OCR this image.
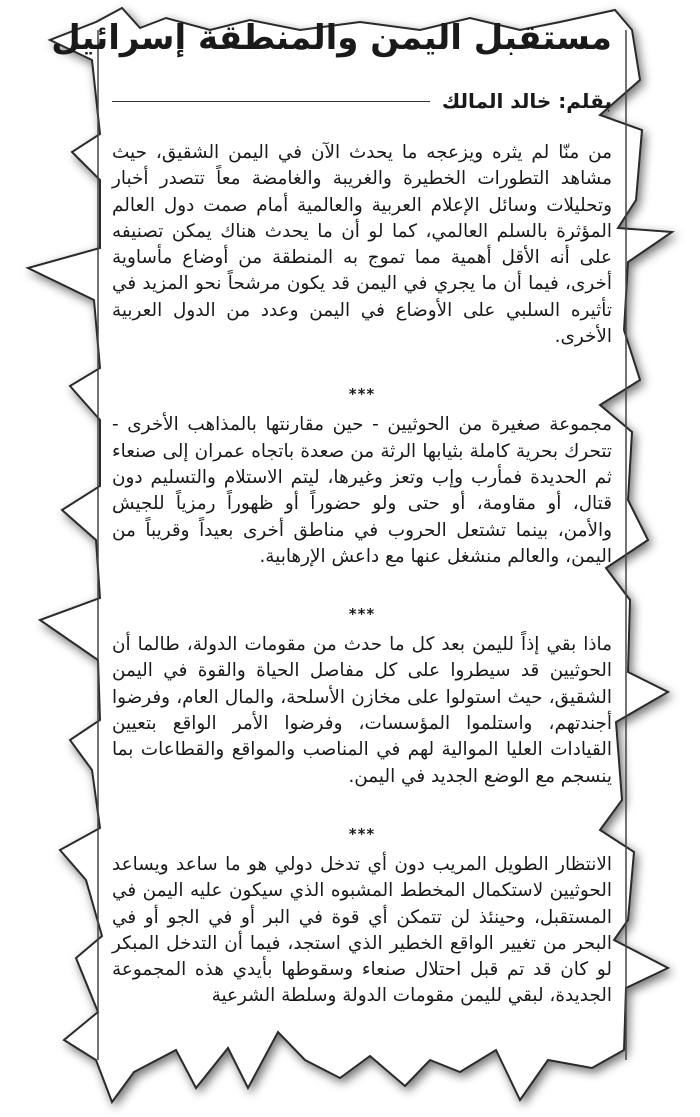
مستقبل اليمن والمنطقة إسرائيل
بقلم: خالد المالك

من منّا لم يثره ويزعجه ما يحدث الآن في اليمن الشقيق، حيث مشاهد التطورات الخطيرة والغريبة والغامضة معاً تتصدر أخبار وتحليلات وسائل الإعلام العربية والعالمية أمام صمت دول العالم المؤثرة بالسلم العالمي، كما لو أن ما يحدث هناك يمكن تصنيفه على أنه الأقل أهمية مما تموج به المنطقة من أوضاع مأساوية أخرى، فيما أن ما يجري في اليمن قد يكون مرشحاً نحو المزيد في تأثيره السلبي على الأوضاع في اليمن وعدد من الدول العربية الأخرى.

***

مجموعة صغيرة من الحوثيين - حين مقارنتها بالمذاهب الأخرى - تتحرك بحرية كاملة بثيابها الرثة من صعدة باتجاه عمران إلى صنعاء ثم الحديدة فمأرب وإب وتعز وغيرها، ليتم الاستلام والتسليم دون قتال، أو مقاومة، أو حتى ولو حضوراً أو ظهوراً رمزياً للجيش والأمن، بينما تشتعل الحروب في مناطق أخرى بعيداً وقريباً من اليمن، والعالم منشغل عنها مع داعش الإرهابية.

***

ماذا بقي إذاً لليمن بعد كل ما حدث من مقومات الدولة، طالما أن الحوثيين قد سيطروا على كل مفاصل الحياة والقوة في اليمن الشقيق، حيث استولوا على مخازن الأسلحة، والمال العام، وفرضوا أجندتهم، واستلموا المؤسسات، وفرضوا الأمر الواقع بتعيين القيادات العليا الموالية لهم في المناصب والمواقع والقطاعات بما ينسجم مع الوضع الجديد في اليمن.

***

الانتظار الطويل المريب دون أي تدخل دولي هو ما ساعد ويساعد الحوثيين لاستكمال المخطط المشبوه الذي سيكون عليه اليمن في المستقبل، وحينئذ لن تتمكن أي قوة في البر أو في الجو أو في البحر من تغيير الواقع الخطير الذي استجد، فيما أن التدخل المبكر لو كان قد تم قبل احتلال صنعاء وسقوطها بأيدي هذه المجموعة الجديدة، لبقي لليمن مقومات الدولة وسلطة الشرعية
